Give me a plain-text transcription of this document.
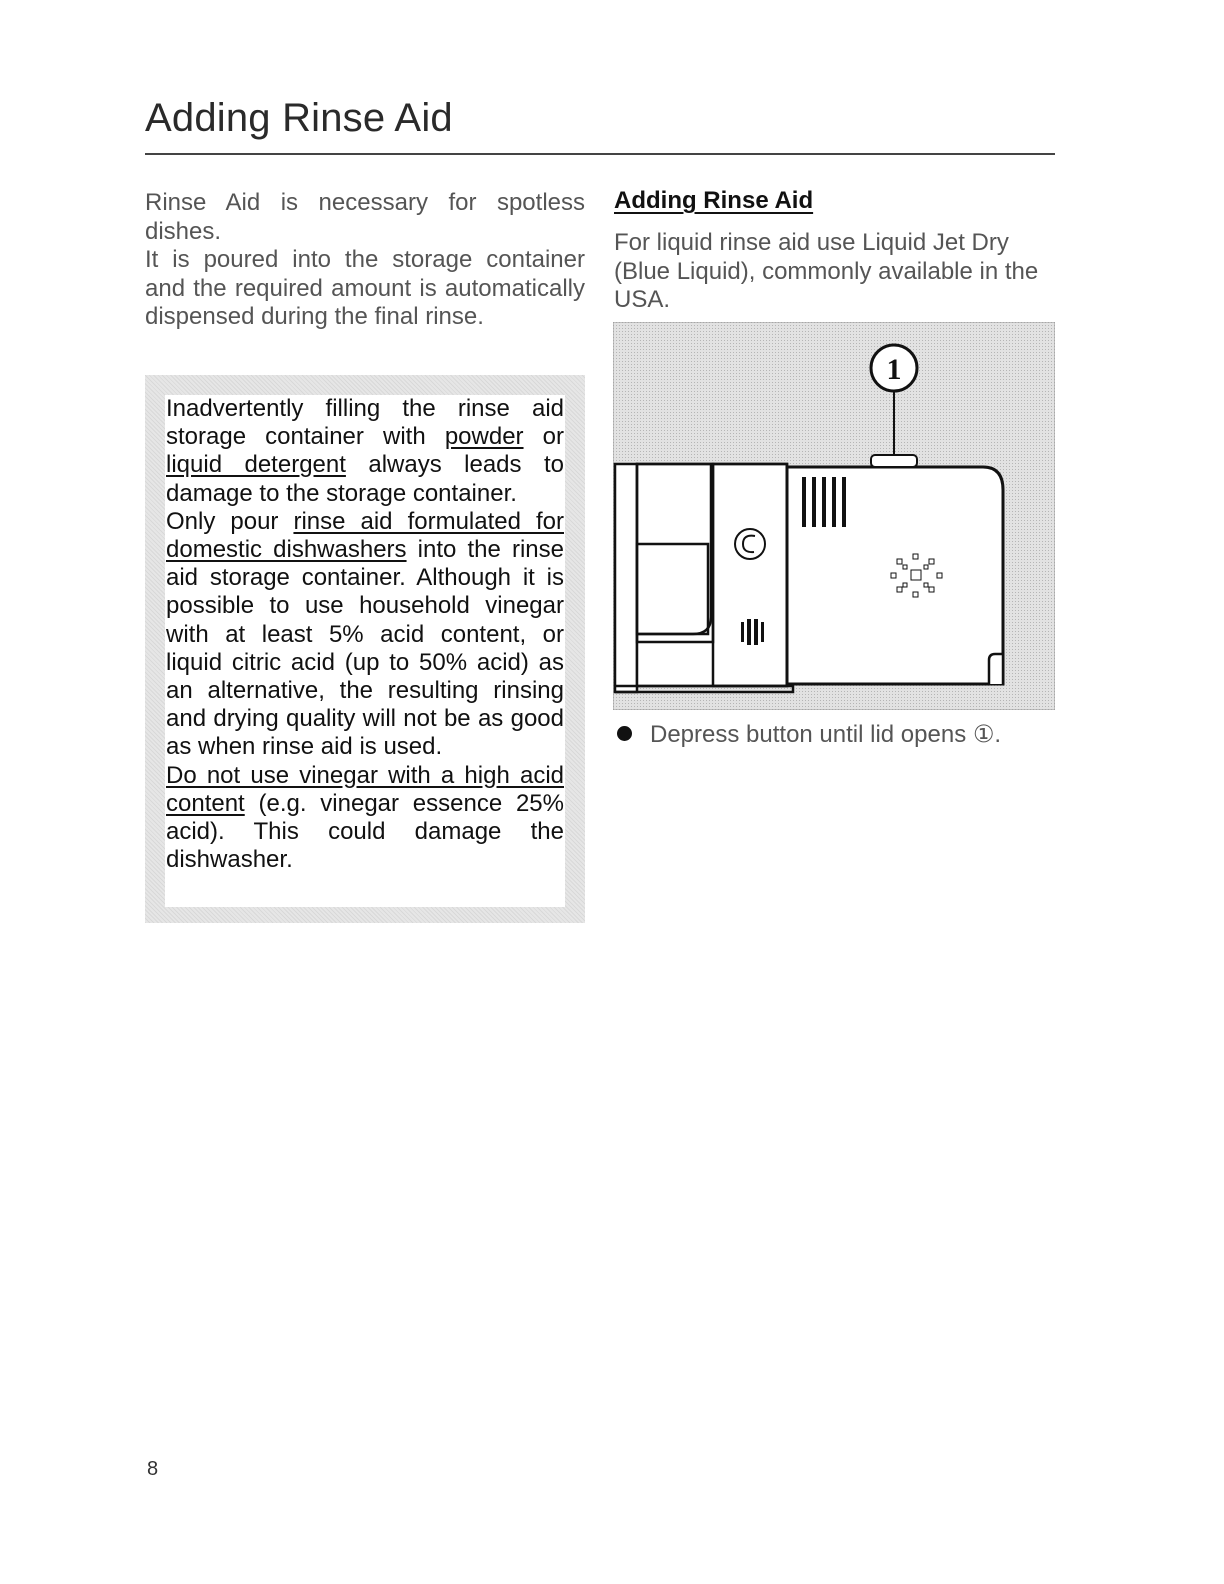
Adding Rinse Aid

Rinse Aid is necessary for spotless dishes.

It is poured into the storage container and the required amount is automatically dispensed during the final rinse.

Inadvertently filling the rinse aid storage container with powder or liquid detergent always leads to damage to the storage container.

Only pour rinse aid formulated for domestic dishwashers into the rinse aid storage container. Although it is possible to use household vinegar with at least 5% acid content, or liquid citric acid (up to 50% acid) as an alternative, the resulting rinsing and drying quality will not be as good as when rinse aid is used.

Do not use vinegar with a high acid content (e.g. vinegar essence 25% acid). This could damage the dishwasher.

Adding Rinse Aid
For liquid rinse aid use Liquid Jet Dry (Blue Liquid), commonly available in the USA.
1
Depress button until lid opens ①.
8
